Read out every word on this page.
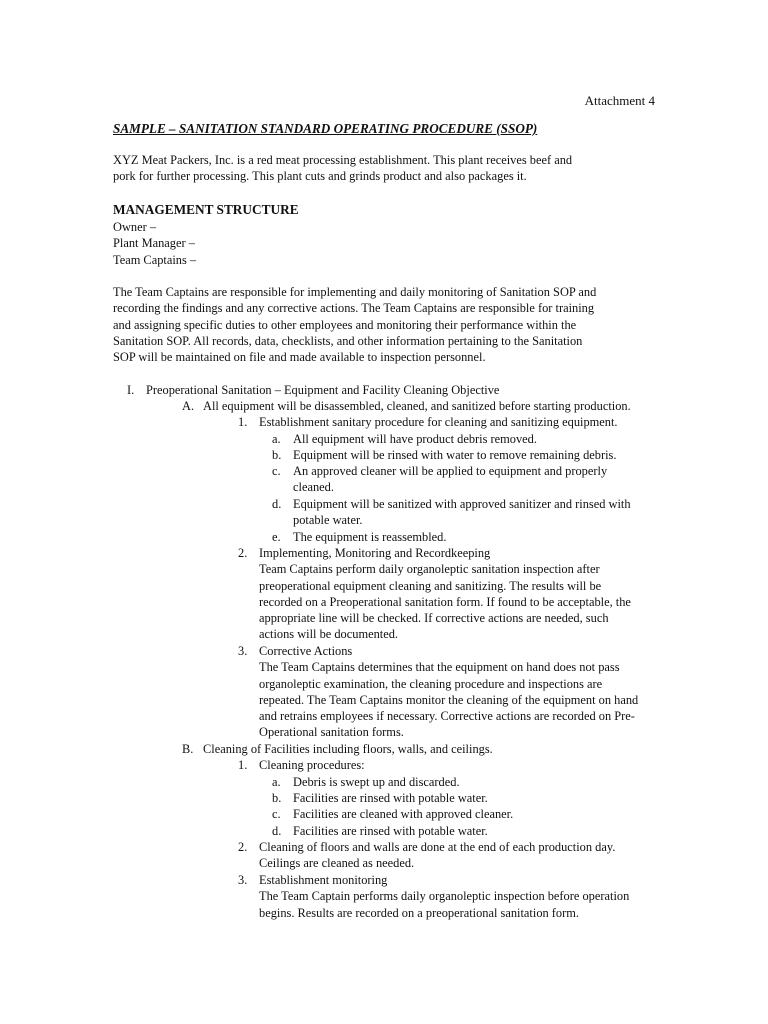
Attachment 4

SAMPLE – SANITATION STANDARD OPERATING PROCEDURE (SSOP)

XYZ Meat Packers, Inc. is a red meat processing establishment. This plant receives beef and
pork for further processing. This plant cuts and grinds product and also packages it.

MANAGEMENT STRUCTURE

Owner –
Plant Manager –
Team Captains –
The Team Captains are responsible for implementing and daily monitoring of Sanitation SOP and
recording the findings and any corrective actions. The Team Captains are responsible for training
and assigning specific duties to other employees and monitoring their performance within the
Sanitation SOP. All records, data, checklists, and other information pertaining to the Sanitation
SOP will be maintained on file and made available to inspection personnel.
I. Preoperational Sanitation – Equipment and Facility Cleaning Objective
A. All equipment will be disassembled, cleaned, and sanitized before starting production.
1. Establishment sanitary procedure for cleaning and sanitizing equipment.
a. All equipment will have product debris removed.
b. Equipment will be rinsed with water to remove remaining debris.
c. An approved cleaner will be applied to equipment and properly
cleaned.
d. Equipment will be sanitized with approved sanitizer and rinsed with
potable water.
e. The equipment is reassembled.
2. Implementing, Monitoring and Recordkeeping
Team Captains perform daily organoleptic sanitation inspection after
preoperational equipment cleaning and sanitizing. The results will be
recorded on a Preoperational sanitation form. If found to be acceptable, the
appropriate line will be checked. If corrective actions are needed, such
actions will be documented.
3. Corrective Actions
The Team Captains determines that the equipment on hand does not pass
organoleptic examination, the cleaning procedure and inspections are
repeated. The Team Captains monitor the cleaning of the equipment on hand
and retrains employees if necessary. Corrective actions are recorded on Pre-
Operational sanitation forms.
B. Cleaning of Facilities including floors, walls, and ceilings.
1. Cleaning procedures:
a. Debris is swept up and discarded.
b. Facilities are rinsed with potable water.
c. Facilities are cleaned with approved cleaner.
d. Facilities are rinsed with potable water.
2. Cleaning of floors and walls are done at the end of each production day.
Ceilings are cleaned as needed.
3. Establishment monitoring
The Team Captain performs daily organoleptic inspection before operation
begins. Results are recorded on a preoperational sanitation form.
